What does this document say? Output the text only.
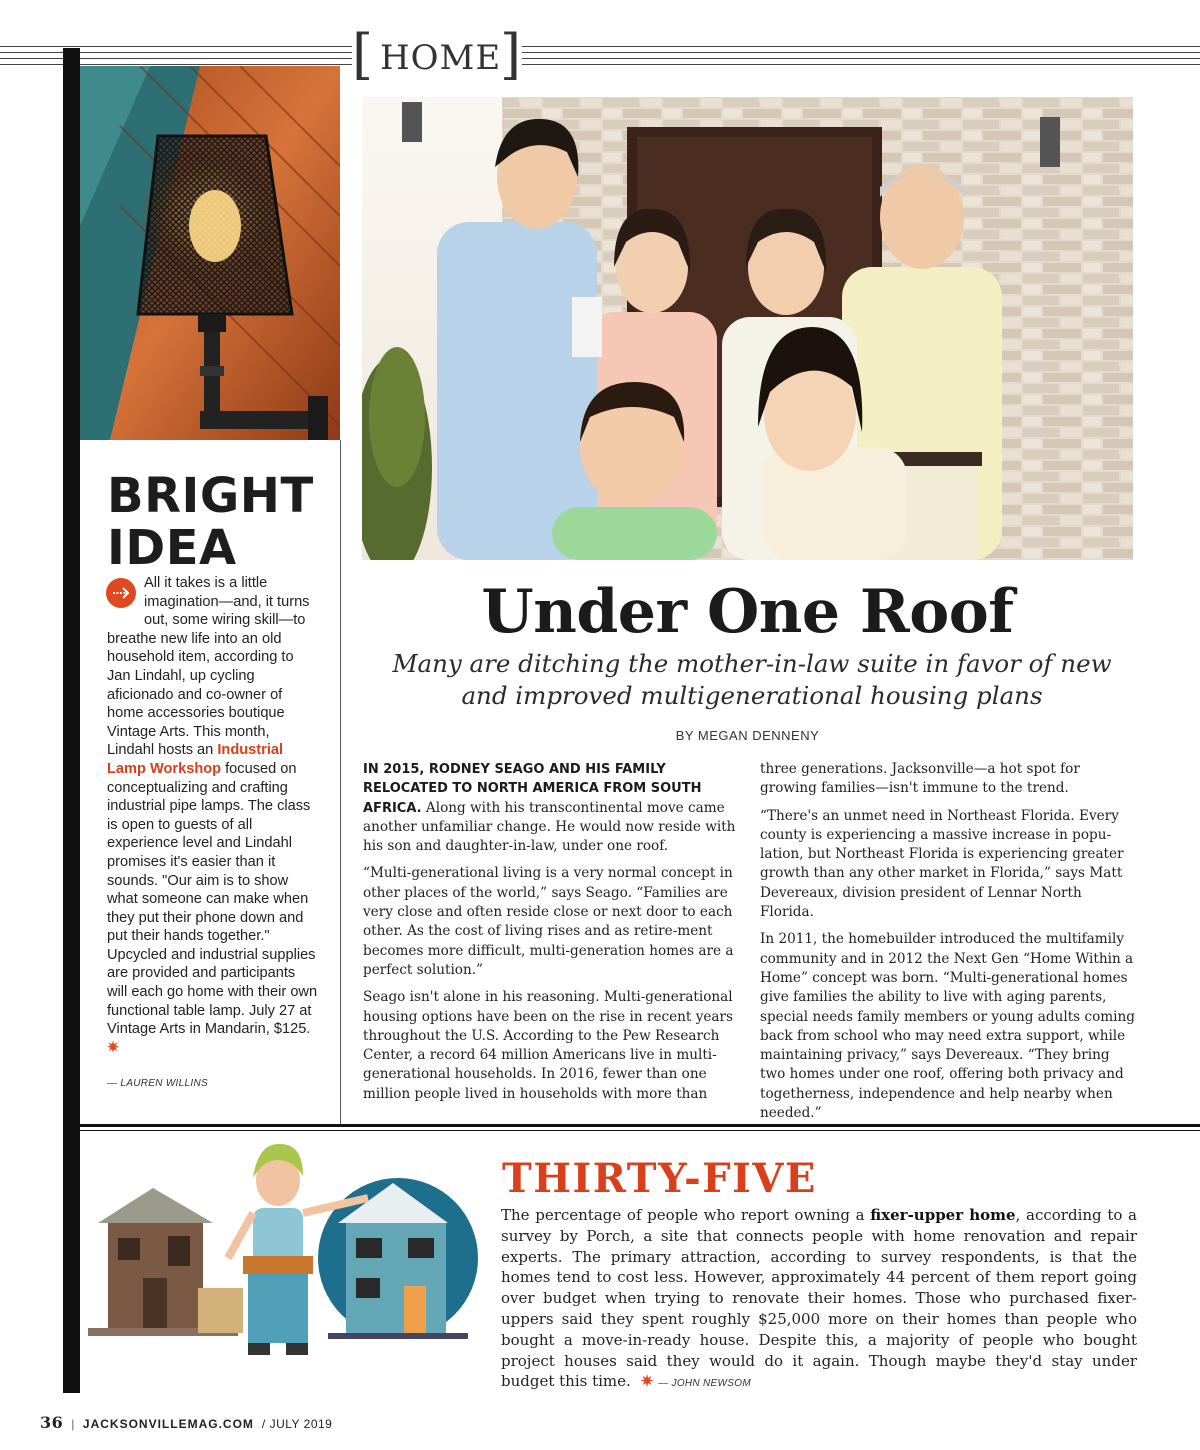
[ HOME
]
BRIGHT
IDEA
All it takes is a little imagination—and, it turns out, some wiring skill—to breathe new life into an old household item, according to Jan Lindahl, up cycling aficionado and co-owner of home accessories boutique Vintage Arts. This month, Lindahl hosts an Industrial Lamp Workshop focused on conceptualizing and crafting industrial pipe lamps. The class is open to guests of all experience level and Lindahl promises it's easier than it sounds. "Our aim is to show what someone can make when they put their phone down and put their hands together." Upcycled and industrial supplies are provided and participants will each go home with their own functional table lamp. July 27 at Vintage Arts in Mandarin, $125. ✷
— LAUREN WILLINS
Under One Roof
Many are ditching the mother-in-law suite in favor of new and improved multigenerational housing plans
BY MEGAN DENNENY

IN 2015, RODNEY SEAGO AND HIS FAMILY RELOCATED TO NORTH AMERICA FROM SOUTH AFRICA. Along with his transcontinental move came another unfamiliar change. He would now reside with his son and daughter-in-law, under one roof.

“Multi-generational living is a very normal concept in other places of the world,” says Seago. “Families are very close and often reside close or next door to each other. As the cost of living rises and as retire-ment becomes more difficult, multi-generation homes are a perfect solution.”

Seago isn't alone in his reasoning. Multi-generational housing options have been on the rise in recent years throughout the U.S. According to the Pew Research Center, a record 64 million Americans live in multi-generational households. In 2016, fewer than one million people lived in households with more than

three generations. Jacksonville—a hot spot for growing families—isn't immune to the trend.

“There's an unmet need in Northeast Florida. Every county is experiencing a massive increase in popu-lation, but Northeast Florida is experiencing greater growth than any other market in Florida,” says Matt Devereaux, division president of Lennar North Florida.

In 2011, the homebuilder introduced the multifamily community and in 2012 the Next Gen “Home Within a Home” concept was born. “Multi-generational homes give families the ability to live with aging parents, special needs family members or young adults coming back from school who may need extra support, while maintaining privacy,” says Devereaux. “They bring two homes under one roof, offering both privacy and togetherness, independence and help nearby when needed.”

THIRTY-FIVE
The percentage of people who report owning a fixer-upper home, according to a survey by Porch, a site that connects people with home renovation and repair experts. The primary attraction, according to survey respondents, is that the homes tend to cost less. However, approximately 44 percent of them report going over budget when trying to renovate their homes. Those who purchased fixer-uppers said they spent roughly $25,000 more on their homes than people who bought a move-in-ready house. Despite this, a majority of people who bought project houses said they would do it again. Though maybe they'd stay under budget this time.  ✷ — JOHN NEWSOM
36 | JACKSONVILLEMAG.COM / JULY 2019
